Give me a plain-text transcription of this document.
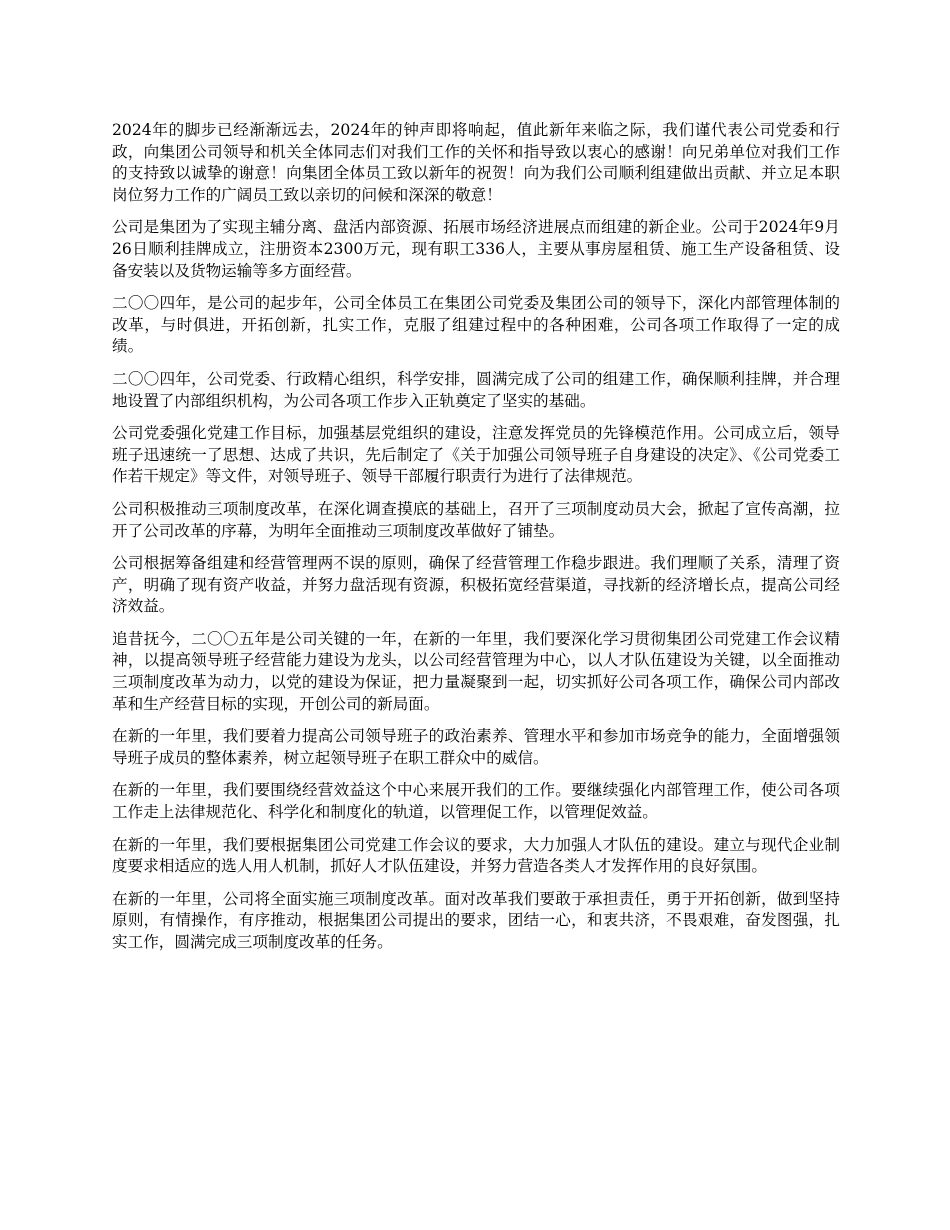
2024年的脚步已经渐渐远去，2024年的钟声即将响起，值此新年来临之际，我们谨代表公司党委和行政，向集团公司领导和机关全体同志们对我们工作的关怀和指导致以衷心的感谢！向兄弟单位对我们工作的支持致以诚挚的谢意！向集团全体员工致以新年的祝贺！向为我们公司顺利组建做出贡献、并立足本职岗位努力工作的广阔员工致以亲切的问候和深深的敬意！

公司是集团为了实现主辅分离、盘活内部资源、拓展市场经济进展点而组建的新企业。公司于2024年9月26日顺利挂牌成立，注册资本2300万元，现有职工336人，主要从事房屋租赁、施工生产设备租赁、设备安装以及货物运输等多方面经营。

二〇〇四年，是公司的起步年，公司全体员工在集团公司党委及集团公司的领导下，深化内部管理体制的改革，与时俱进，开拓创新，扎实工作，克服了组建过程中的各种困难，公司各项工作取得了一定的成绩。

二〇〇四年，公司党委、行政精心组织，科学安排，圆满完成了公司的组建工作，确保顺利挂牌，并合理地设置了内部组织机构，为公司各项工作步入正轨奠定了坚实的基础。

公司党委强化党建工作目标，加强基层党组织的建设，注意发挥党员的先锋模范作用。公司成立后，领导班子迅速统一了思想、达成了共识，先后制定了《关于加强公司领导班子自身建设的决定》、《公司党委工作若干规定》等文件，对领导班子、领导干部履行职责行为进行了法律规范。

公司积极推动三项制度改革，在深化调查摸底的基础上，召开了三项制度动员大会，掀起了宣传高潮，拉开了公司改革的序幕，为明年全面推动三项制度改革做好了铺垫。

公司根据筹备组建和经营管理两不误的原则，确保了经营管理工作稳步跟进。我们理顺了关系，清理了资产，明确了现有资产收益，并努力盘活现有资源，积极拓宽经营渠道，寻找新的经济增长点，提高公司经济效益。

追昔抚今，二〇〇五年是公司关键的一年，在新的一年里，我们要深化学习贯彻集团公司党建工作会议精神，以提高领导班子经营能力建设为龙头，以公司经营管理为中心，以人才队伍建设为关键，以全面推动三项制度改革为动力，以党的建设为保证，把力量凝聚到一起，切实抓好公司各项工作，确保公司内部改革和生产经营目标的实现，开创公司的新局面。

在新的一年里，我们要着力提高公司领导班子的政治素养、管理水平和参加市场竞争的能力，全面增强领导班子成员的整体素养，树立起领导班子在职工群众中的威信。

在新的一年里，我们要围绕经营效益这个中心来展开我们的工作。要继续强化内部管理工作，使公司各项工作走上法律规范化、科学化和制度化的轨道，以管理促工作，以管理促效益。

在新的一年里，我们要根据集团公司党建工作会议的要求，大力加强人才队伍的建设。建立与现代企业制度要求相适应的选人用人机制，抓好人才队伍建设，并努力营造各类人才发挥作用的良好氛围。

在新的一年里，公司将全面实施三项制度改革。面对改革我们要敢于承担责任，勇于开拓创新，做到坚持原则，有情操作，有序推动，根据集团公司提出的要求，团结一心，和衷共济，不畏艰难，奋发图强，扎实工作，圆满完成三项制度改革的任务。
